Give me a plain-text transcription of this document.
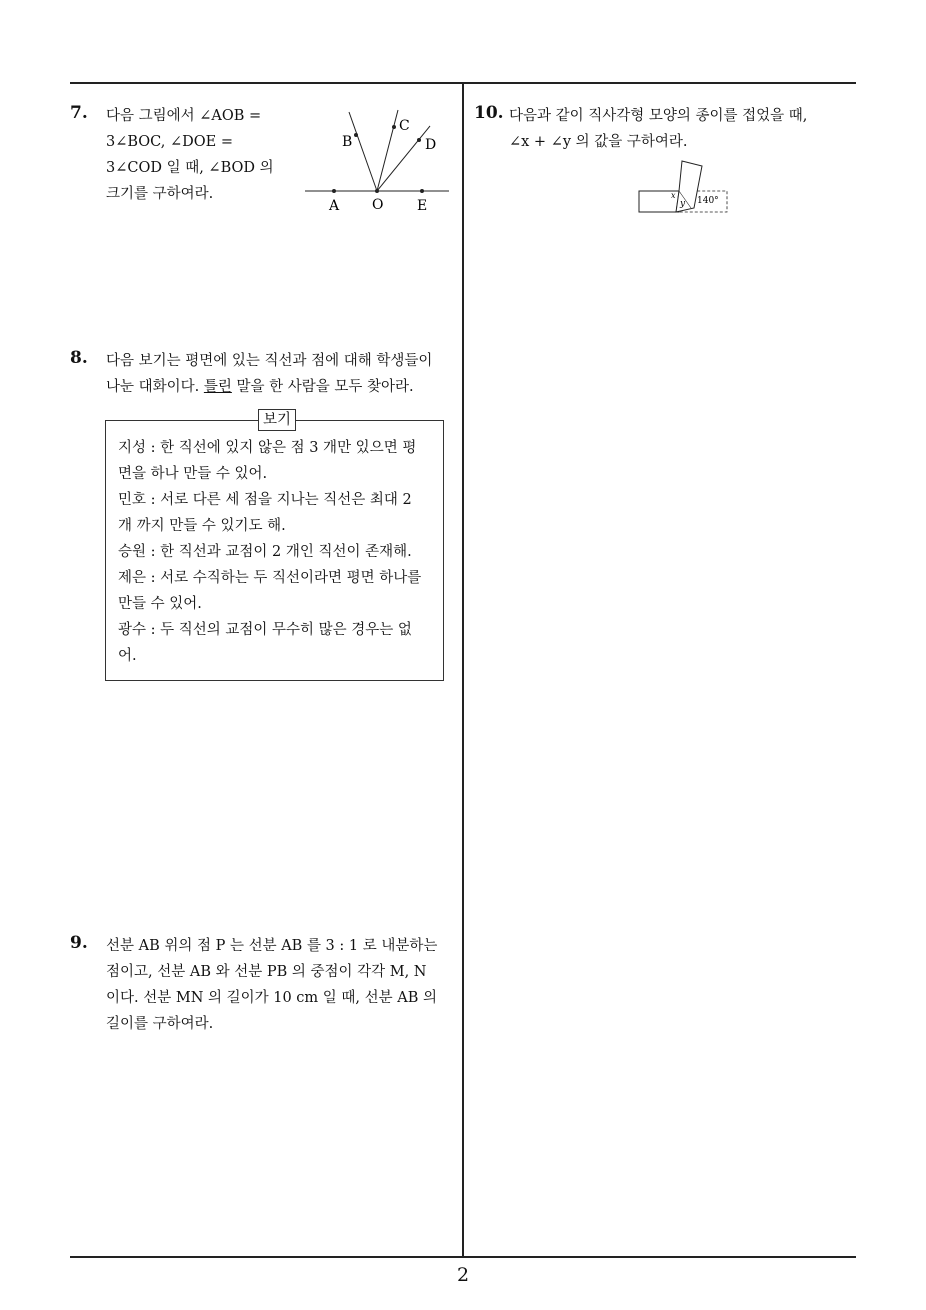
7. 다음 그림에서 ∠AOB =
3∠BOC, ∠DOE =
3∠COD 일 때, ∠BOD 의
크기를 구하여라.
A O E
B
C
D
8. 다음 보기는 평면에 있는 직선과 점에 대해 학생들이
나눈 대화이다. 틀린 말을 한 사람을 모두 찾아라.
보기
지성 : 한 직선에 있지 않은 점 3 개만 있으면 평
면을 하나 만들 수 있어.
민호 : 서로 다른 세 점을 지나는 직선은 최대 2
개 까지 만들 수 있기도 해.
승원 : 한 직선과 교점이 2 개인 직선이 존재해.
제은 : 서로 수직하는 두 직선이라면 평면 하나를
만들 수 있어.
광수 : 두 직선의 교점이 무수히 많은 경우는 없
어.
9. 선분 AB 위의 점 P 는 선분 AB 를 3 : 1 로 내분하는
점이고, 선분 AB 와 선분 PB 의 중점이 각각 M, N
이다. 선분 MN 의 길이가 10 cm 일 때, 선분 AB 의
길이를 구하여라.
10. 다음과 같이 직사각형 모양의 종이를 접었을 때,
∠x + ∠y 의 값을 구하여라.
x
y 140°
2
